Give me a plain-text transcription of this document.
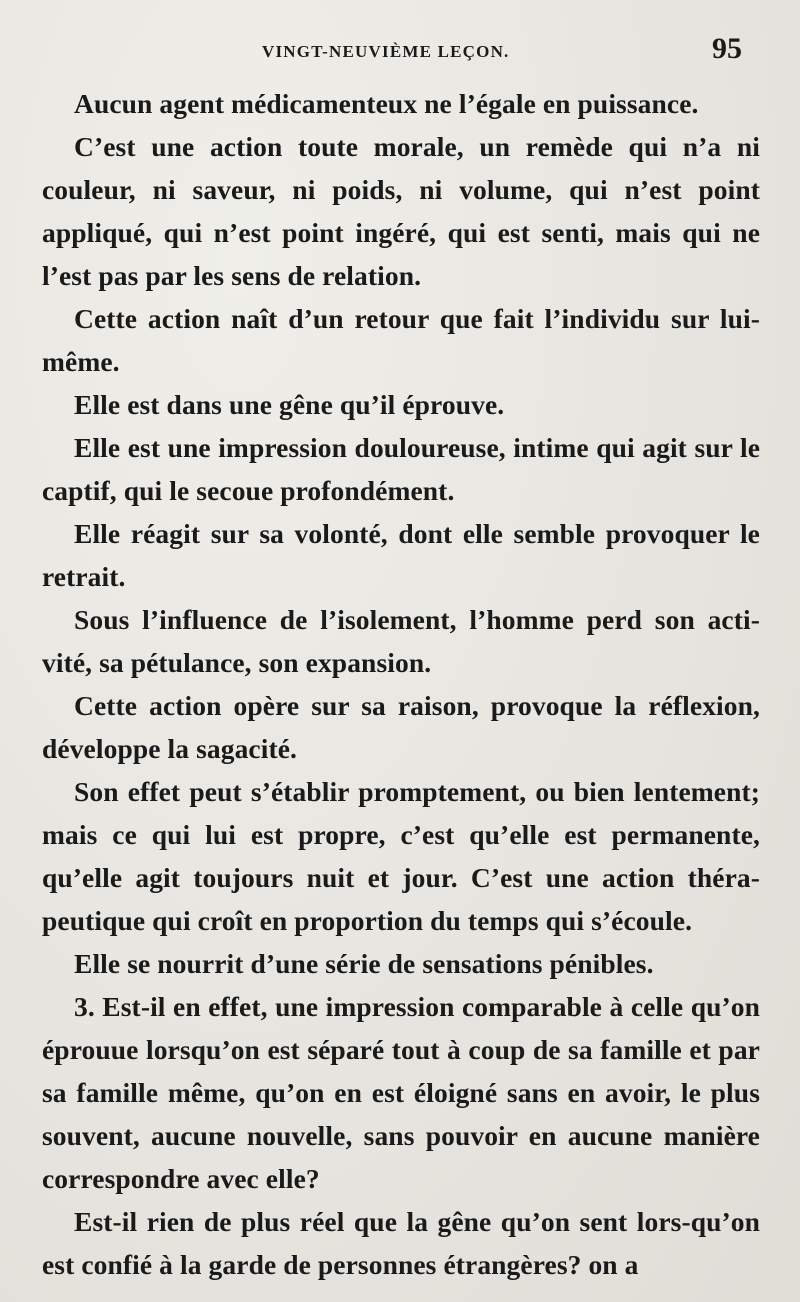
VINGT-NEUVIÈME LEÇON.	95

Aucun agent médicamenteux ne l’égale en puissance.

C’est une action toute morale, un remède qui n’a ni couleur, ni saveur, ni poids, ni volume, qui n’est point appliqué, qui n’est point ingéré, qui est senti, mais qui ne l’est pas par les sens de relation.

Cette action naît d’un retour que fait l’individu sur lui-même.

Elle est dans une gêne qu’il éprouve.

Elle est une impression douloureuse, intime qui agit sur le captif, qui le secoue profondément.

Elle réagit sur sa volonté, dont elle semble provoquer le retrait.

Sous l’influence de l’isolement, l’homme perd son acti-vité, sa pétulance, son expansion.

Cette action opère sur sa raison, provoque la réflexion, développe la sagacité.

Son effet peut s’établir promptement, ou bien lentement; mais ce qui lui est propre, c’est qu’elle est permanente, qu’elle agit toujours nuit et jour. C’est une action théra-peutique qui croît en proportion du temps qui s’écoule.

Elle se nourrit d’une série de sensations pénibles.

3. Est-il en effet, une impression comparable à celle qu’on éprouue lorsqu’on est séparé tout à coup de sa famille et par sa famille même, qu’on en est éloigné sans en avoir, le plus souvent, aucune nouvelle, sans pouvoir en aucune manière correspondre avec elle?

Est-il rien de plus réel que la gêne qu’on sent lors-qu’on est confié à la garde de personnes étrangères? on a
